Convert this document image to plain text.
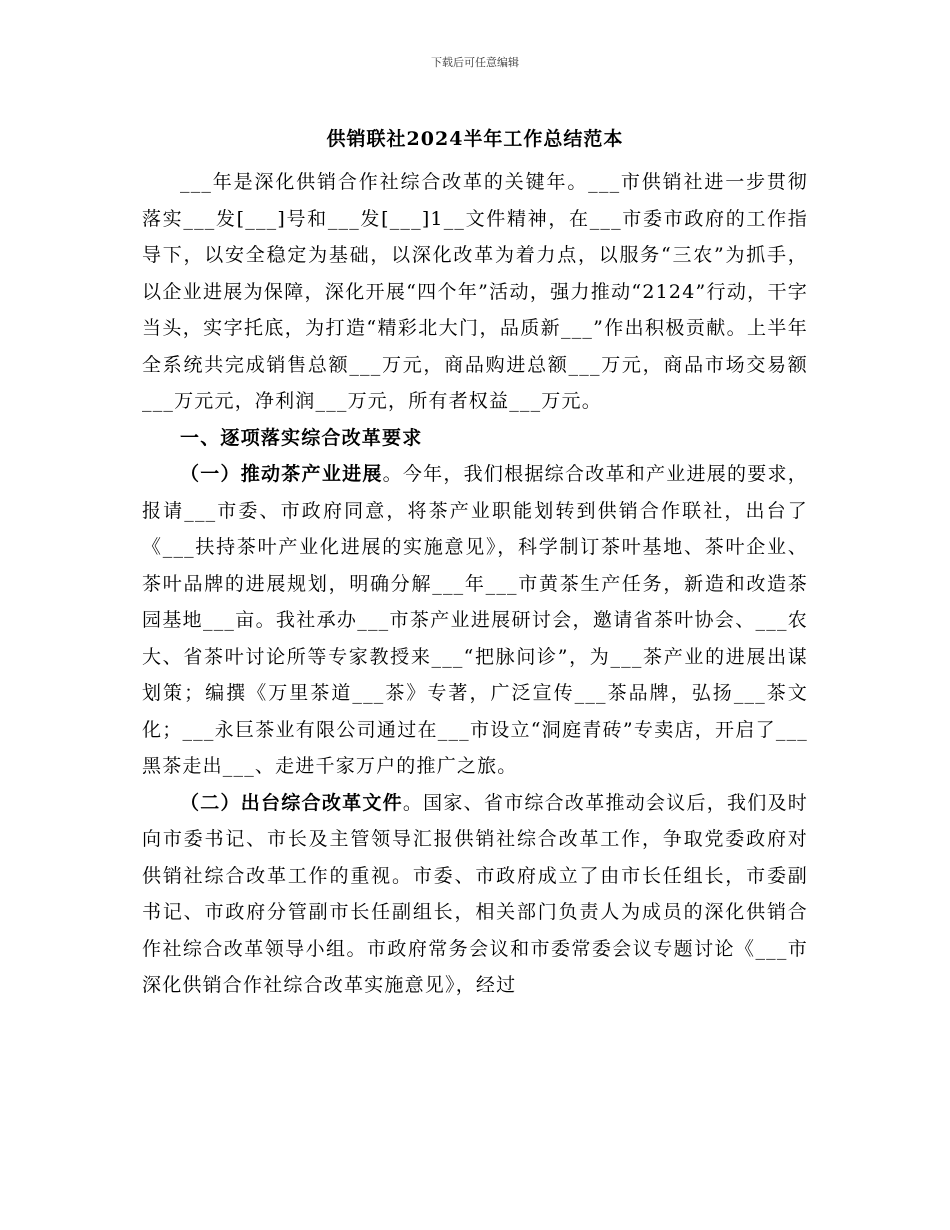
下载后可任意编辑
供销联社2024半年工作总结范本

___年是深化供销合作社综合改革的关键年。___市供销社进一步贯彻落实___发[___]号和___发[___]1__文件精神，在___市委市政府的工作指导下，以安全稳定为基础，以深化改革为着力点，以服务“三农”为抓手，以企业进展为保障，深化开展“四个年”活动，强力推动“2124”行动，干字当头，实字托底，为打造“精彩北大门，品质新___”作出积极贡献。上半年全系统共完成销售总额___万元，商品购进总额___万元，商品市场交易额___万元元，净利润___万元，所有者权益___万元。

一、逐项落实综合改革要求

（一）推动茶产业进展。今年，我们根据综合改革和产业进展的要求，报请___市委、市政府同意，将茶产业职能划转到供销合作联社，出台了《___扶持茶叶产业化进展的实施意见》，科学制订茶叶基地、茶叶企业、茶叶品牌的进展规划，明确分解___年___市黄茶生产任务，新造和改造茶园基地___亩。我社承办___市茶产业进展研讨会，邀请省茶叶协会、___农大、省茶叶讨论所等专家教授来___“把脉问诊”，为___茶产业的进展出谋划策；编撰《万里茶道___茶》专著，广泛宣传___茶品牌，弘扬___茶文化；___永巨茶业有限公司通过在___市设立“洞庭青砖”专卖店，开启了___黑茶走出___、走进千家万户的推广之旅。

（二）出台综合改革文件。国家、省市综合改革推动会议后，我们及时向市委书记、市长及主管领导汇报供销社综合改革工作，争取党委政府对供销社综合改革工作的重视。市委、市政府成立了由市长任组长，市委副书记、市政府分管副市长任副组长，相关部门负责人为成员的深化供销合作社综合改革领导小组。市政府常务会议和市委常委会议专题讨论《___市深化供销合作社综合改革实施意见》，经过
